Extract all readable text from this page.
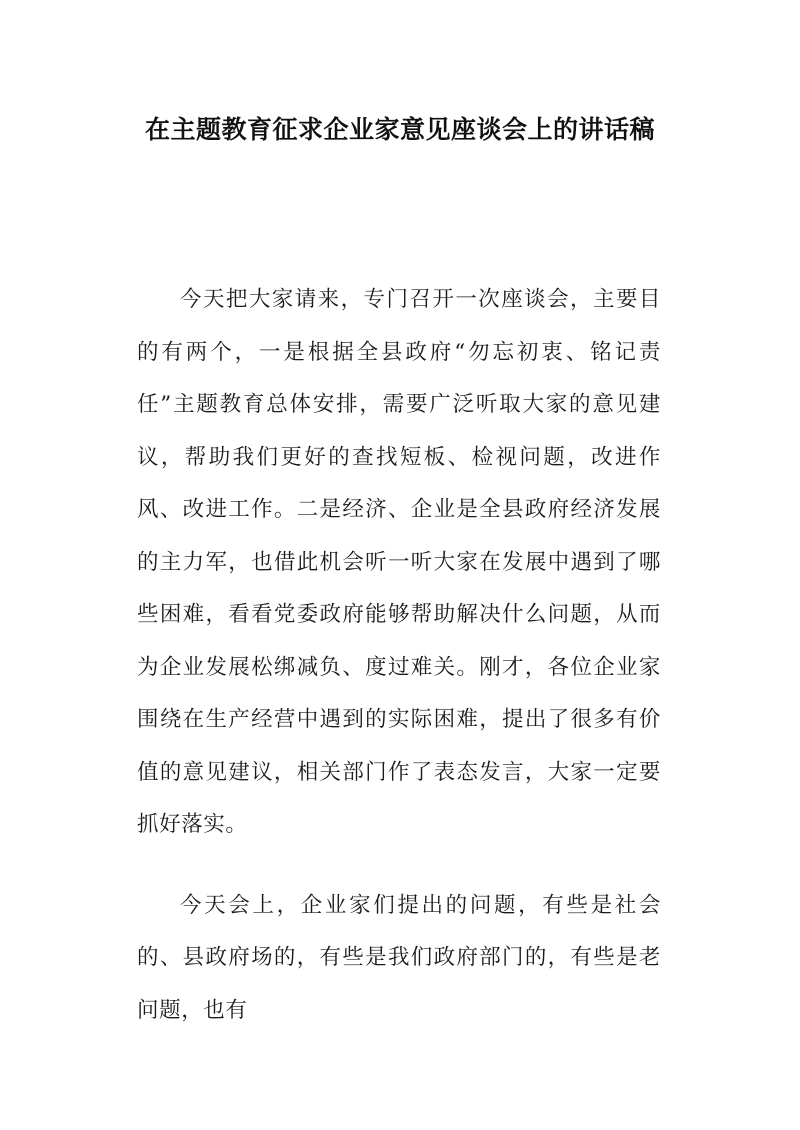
在主题教育征求企业家意见座谈会上的讲话稿

今天把大家请来，专门召开一次座谈会，主要目的有两个，一是根据全县政府“勿忘初衷、铭记责任”主题教育总体安排，需要广泛听取大家的意见建议，帮助我们更好的查找短板、检视问题，改进作风、改进工作。二是经济、企业是全县政府经济发展的主力军，也借此机会听一听大家在发展中遇到了哪些困难，看看党委政府能够帮助解决什么问题，从而为企业发展松绑减负、度过难关。刚才，各位企业家围绕在生产经营中遇到的实际困难，提出了很多有价值的意见建议，相关部门作了表态发言，大家一定要抓好落实。

今天会上，企业家们提出的问题，有些是社会的、县政府场的，有些是我们政府部门的，有些是老问题，也有
